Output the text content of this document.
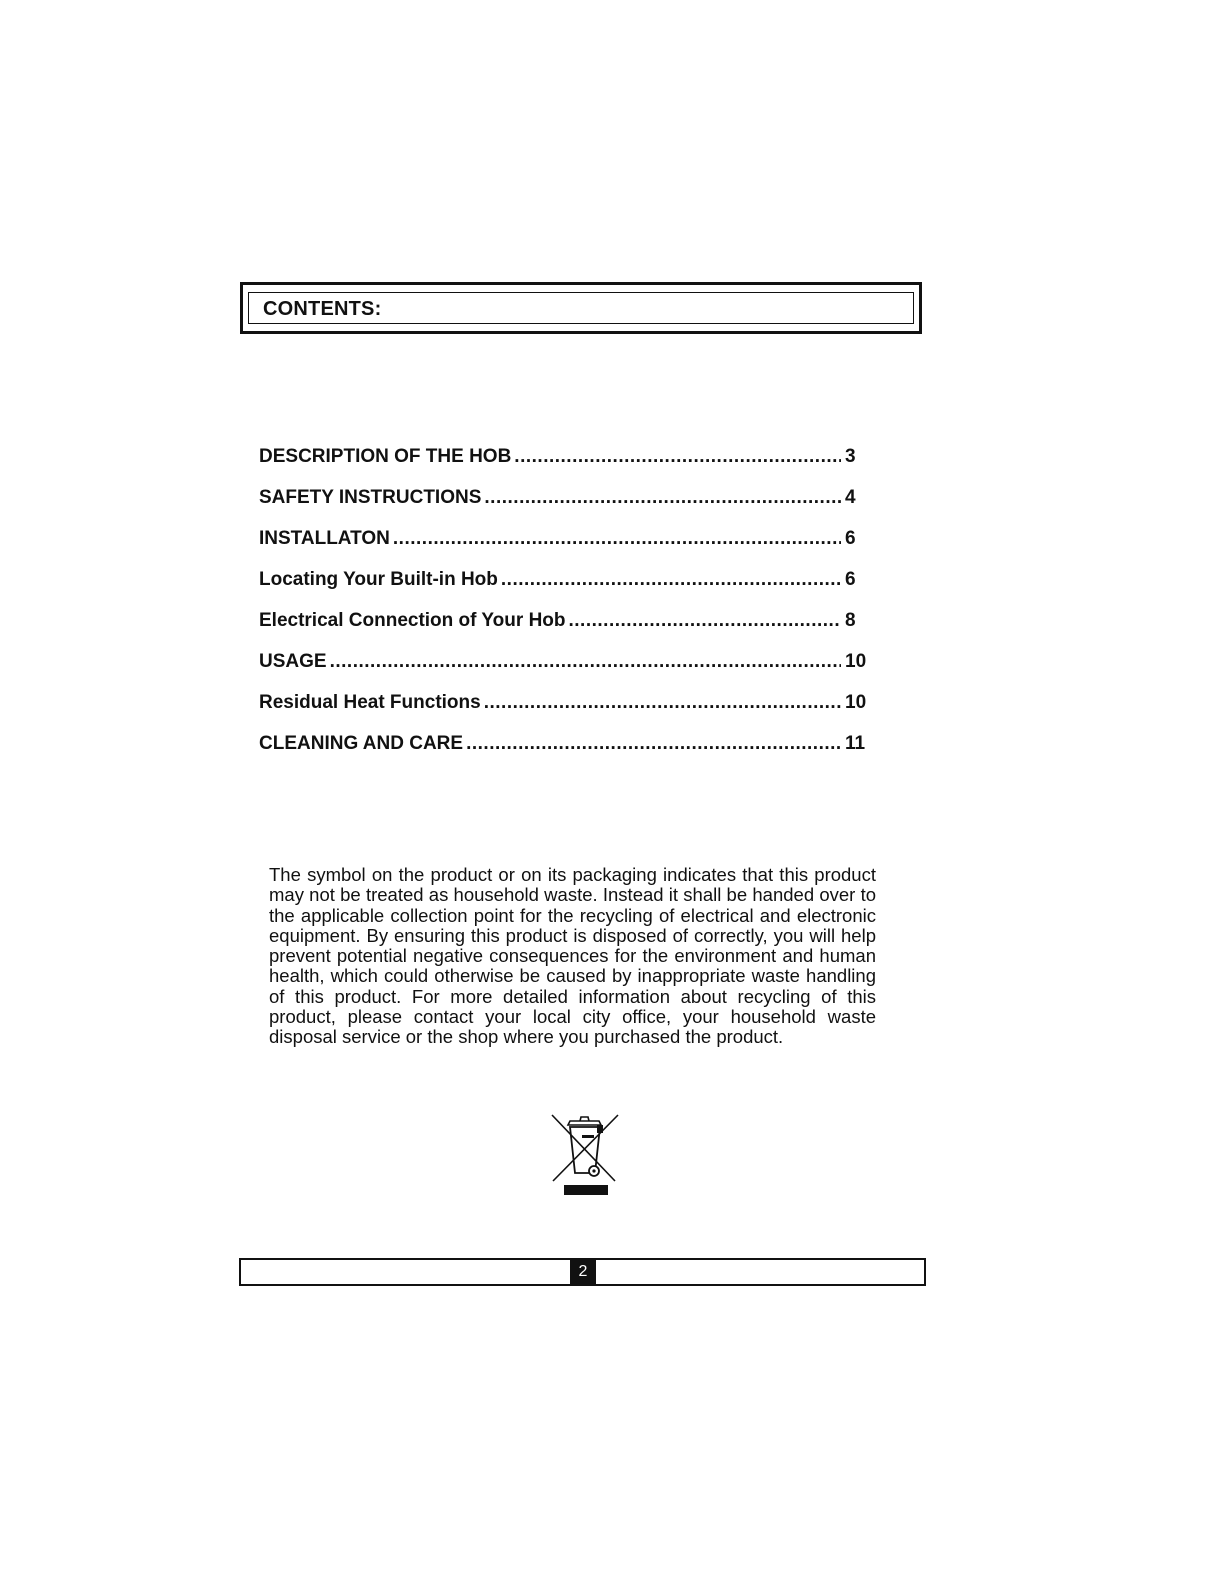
CONTENTS:
DESCRIPTION OF THE HOB .....	3
SAFETY INSTRUCTIONS .....	4
INSTALLATON .....	6
Locating Your Built-in Hob .....	6
Electrical Connection of Your Hob .....	8
USAGE .....	10
Residual Heat Functions .....	10
CLEANING AND CARE .....	11

The symbol on the product or on its packaging indicates that this product may not be treated as household waste. Instead it shall be handed over to the applicable collection point for the recycling of electrical and electronic equipment. By ensuring this product is disposed of correctly, you will help prevent potential negative consequences for the environment and human health, which could otherwise be caused by inappropriate waste handling of this product. For more detailed information about recycling of this product, please contact your local city office, your household waste disposal service or the shop where you purchased the product.

2
